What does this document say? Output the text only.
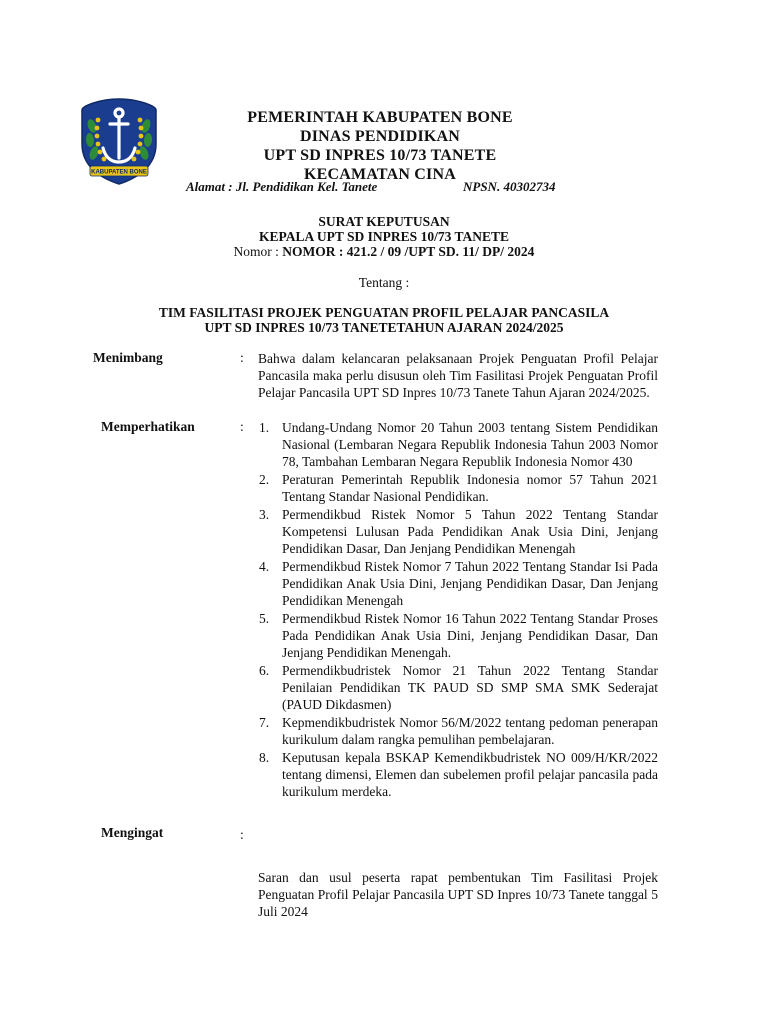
KABUPATEN BONE
PEMERINTAH KABUPATEN BONE
DINAS PENDIDIKAN
UPT SD INPRES 10/73 TANETE
KECAMATAN CINA
Alamat : Jl. Pendidikan Kel. Tanete	NPSN. 40302734
SURAT KEPUTUSAN
KEPALA UPT SD INPRES 10/73 TANETE
Nomor : NOMOR : 421.2 / 09 /UPT SD. 11/ DP/ 2024
Tentang :
TIM FASILITASI PROJEK PENGUATAN PROFIL PELAJAR PANCASILA
UPT SD INPRES 10/73 TANETETAHUN AJARAN 2024/2025
Menimbang	: Bahwa dalam kelancaran pelaksanaan Projek Penguatan Profil Pelajar Pancasila maka perlu disusun oleh Tim Fasilitasi Projek Penguatan Profil Pelajar Pancasila UPT SD Inpres 10/73 Tanete Tahun Ajaran 2024/2025.
Memperhatikan	: 1. Undang-Undang Nomor 20 Tahun 2003 tentang Sistem Pendidikan Nasional (Lembaran Negara Republik Indonesia Tahun 2003 Nomor 78, Tambahan Lembaran Negara Republik Indonesia Nomor 430
2. Peraturan Pemerintah Republik Indonesia nomor 57 Tahun 2021 Tentang Standar Nasional Pendidikan.
3. Permendikbud Ristek Nomor 5 Tahun 2022 Tentang Standar Kompetensi Lulusan Pada Pendidikan Anak Usia Dini, Jenjang Pendidikan Dasar, Dan Jenjang Pendidikan Menengah
4. Permendikbud Ristek Nomor 7 Tahun 2022 Tentang Standar Isi Pada Pendidikan Anak Usia Dini, Jenjang Pendidikan Dasar, Dan Jenjang Pendidikan Menengah
5. Permendikbud Ristek Nomor 16 Tahun 2022 Tentang Standar Proses Pada Pendidikan Anak Usia Dini, Jenjang Pendidikan Dasar, Dan Jenjang Pendidikan Menengah.
6. Permendikbudristek Nomor 21 Tahun 2022 Tentang Standar Penilaian Pendidikan TK PAUD SD SMP SMA SMK Sederajat (PAUD Dikdasmen)
7. Kepmendikbudristek Nomor 56/M/2022 tentang pedoman penerapan kurikulum dalam rangka pemulihan pembelajaran.
8. Keputusan kepala BSKAP Kemendikbudristek NO 009/H/KR/2022 tentang dimensi, Elemen dan subelemen profil pelajar pancasila pada kurikulum merdeka.
Mengingat	:
Saran dan usul peserta rapat pembentukan Tim Fasilitasi Projek Penguatan Profil Pelajar Pancasila UPT SD Inpres 10/73 Tanete tanggal 5 Juli 2024
